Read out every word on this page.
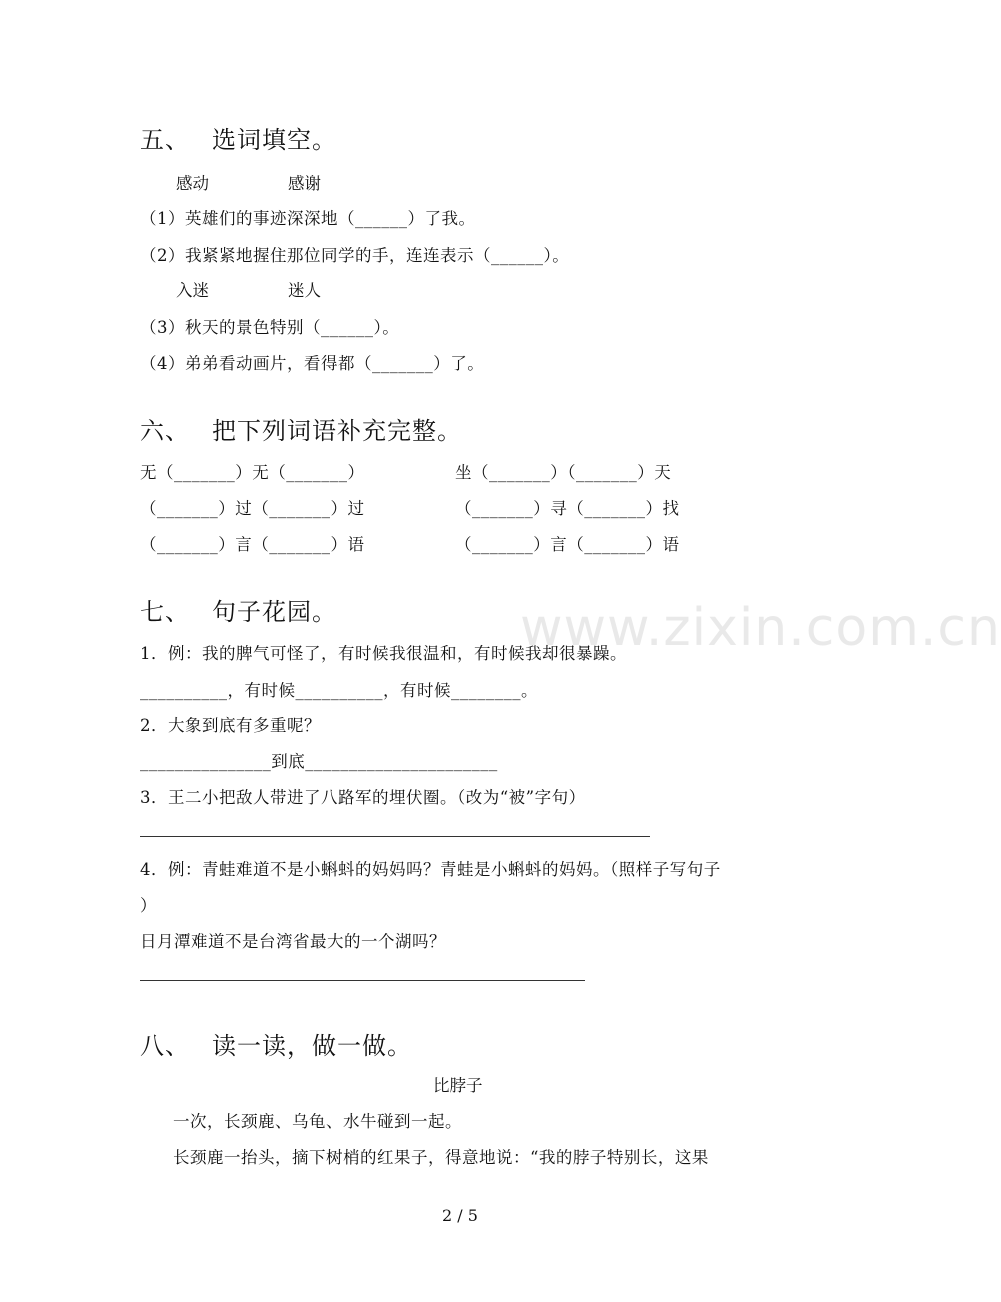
www.zixin.com.cn
五、 选词填空。
感动	感谢
（1）英雄们的事迹深深地（______）了我。
（2）我紧紧地握住那位同学的手，连连表示（______）。
入迷	迷人
（3）秋天的景色特别（______）。
（4）弟弟看动画片，看得都（_______）了。
六、 把下列词语补充完整。
无（_______）无（_______）	坐（_______）（_______）天
（_______）过（_______）过	（_______）寻（_______）找
（_______）言（_______）语	（_______）言（_______）语
七、 句子花园。
1．例：我的脾气可怪了，有时候我很温和，有时候我却很暴躁。
__________，有时候__________，有时候________。
2．大象到底有多重呢？
_______________到底______________________
3．王二小把敌人带进了八路军的埋伏圈。（改为“被”字句）
4．例：青蛙难道不是小蝌蚪的妈妈吗？青蛙是小蝌蚪的妈妈。（照样子写句子
）
日月潭难道不是台湾省最大的一个湖吗？
八、 读一读，做一做。
比脖子
一次，长颈鹿、乌龟、水牛碰到一起。
长颈鹿一抬头，摘下树梢的红果子，得意地说：“我的脖子特别长，这果
2 / 5
